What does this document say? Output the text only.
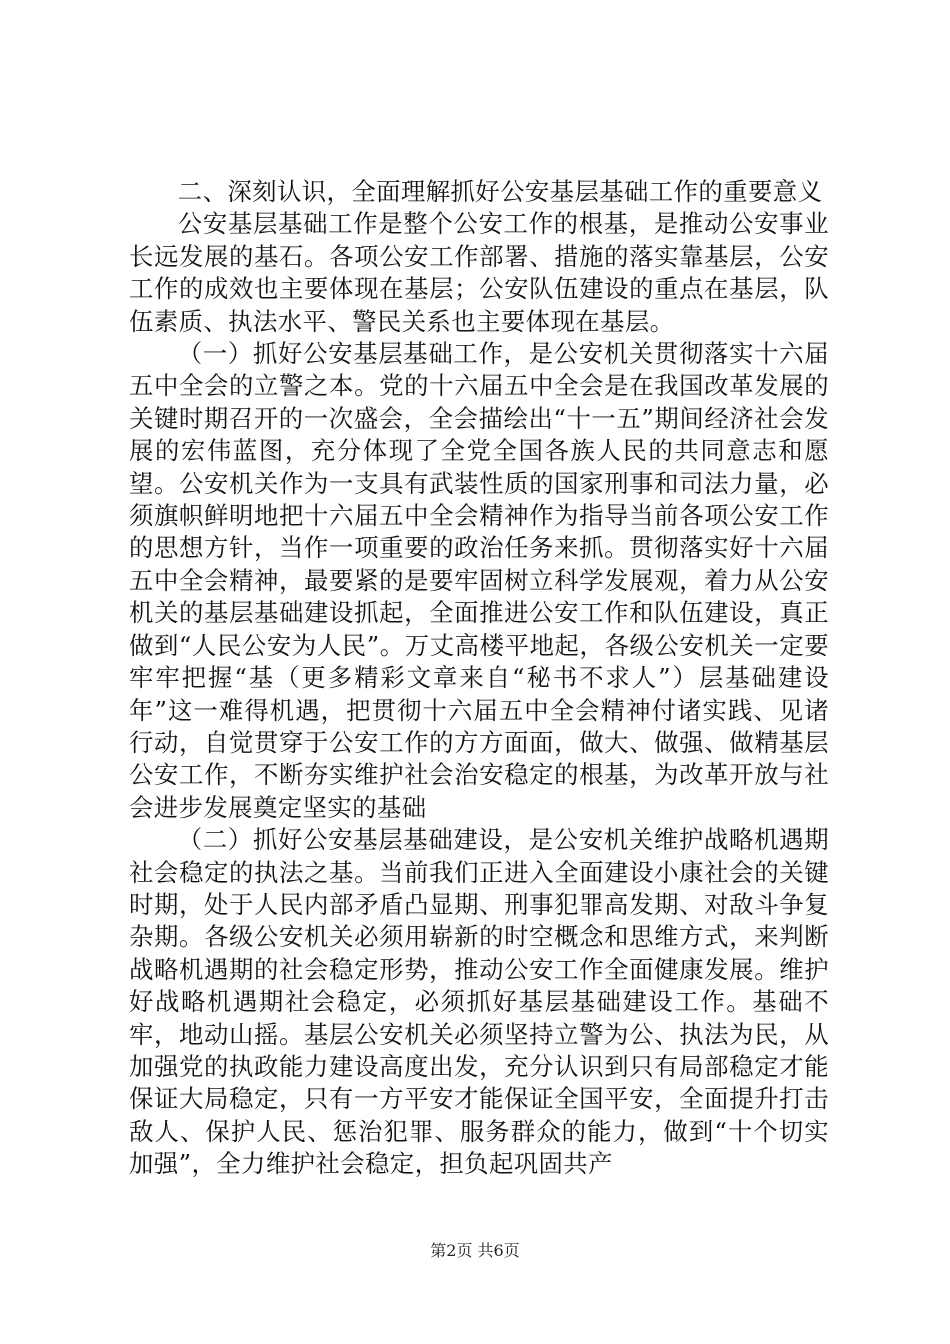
二、深刻认识，全面理解抓好公安基层基础工作的重要意义

公安基层基础工作是整个公安工作的根基，是推动公安事业长远发展的基石。各项公安工作部署、措施的落实靠基层，公安工作的成效也主要体现在基层；公安队伍建设的重点在基层，队伍素质、执法水平、警民关系也主要体现在基层。

（一）抓好公安基层基础工作，是公安机关贯彻落实十六届五中全会的立警之本。党的十六届五中全会是在我国改革发展的关键时期召开的一次盛会，全会描绘出“十一五”期间经济社会发展的宏伟蓝图，充分体现了全党全国各族人民的共同意志和愿望。公安机关作为一支具有武装性质的国家刑事和司法力量，必须旗帜鲜明地把十六届五中全会精神作为指导当前各项公安工作的思想方针，当作一项重要的政治任务来抓。贯彻落实好十六届五中全会精神，最要紧的是要牢固树立科学发展观，着力从公安机关的基层基础建设抓起，全面推进公安工作和队伍建设，真正做到“人民公安为人民”。万丈高楼平地起，各级公安机关一定要牢牢把握“基（更多精彩文章来自“秘书不求人”）层基础建设年”这一难得机遇，把贯彻十六届五中全会精神付诸实践、见诸行动，自觉贯穿于公安工作的方方面面，做大、做强、做精基层公安工作，不断夯实维护社会治安稳定的根基，为改革开放与社会进步发展奠定坚实的基础

（二）抓好公安基层基础建设，是公安机关维护战略机遇期社会稳定的执法之基。当前我们正进入全面建设小康社会的关键时期，处于人民内部矛盾凸显期、刑事犯罪高发期、对敌斗争复杂期。各级公安机关必须用崭新的时空概念和思维方式，来判断战略机遇期的社会稳定形势，推动公安工作全面健康发展。维护好战略机遇期社会稳定，必须抓好基层基础建设工作。基础不牢，地动山摇。基层公安机关必须坚持立警为公、执法为民，从加强党的执政能力建设高度出发，充分认识到只有局部稳定才能保证大局稳定，只有一方平安才能保证全国平安，全面提升打击敌人、保护人民、惩治犯罪、服务群众的能力，做到“十个切实加强”，全力维护社会稳定，担负起巩固共产

第2页 共6页
